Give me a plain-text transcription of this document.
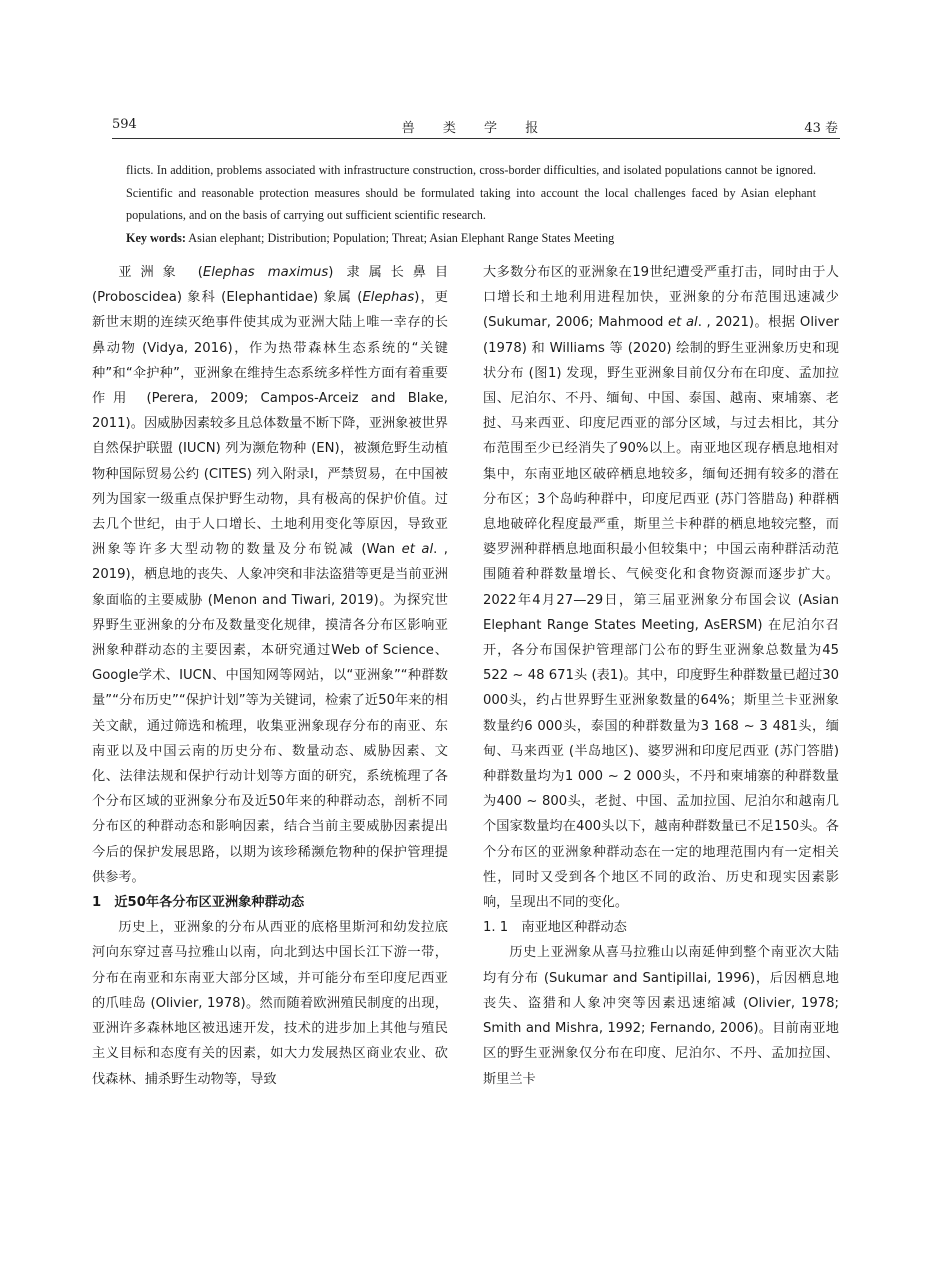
594	兽 类 学 报	43 卷

flicts. In addition, problems associated with infrastructure construction, cross-border difficulties, and isolated populations cannot be ignored. Scientific and reasonable protection measures should be formulated taking into account the local challenges faced by Asian elephant populations, and on the basis of carrying out sufficient scientific research.

Key words: Asian elephant; Distribution; Population; Threat; Asian Elephant Range States Meeting

亚洲象 (Elephas maximus) 隶属长鼻目 (Proboscidea) 象科 (Elephantidae) 象属 (Elephas)，更新世末期的连续灭绝事件使其成为亚洲大陆上唯一幸存的长鼻动物 (Vidya, 2016)，作为热带森林生态系统的“关键种”和“伞护种”，亚洲象在维持生态系统多样性方面有着重要作用 (Perera, 2009; Campos-Arceiz and Blake, 2011)。因威胁因素较多且总体数量不断下降，亚洲象被世界自然保护联盟 (IUCN) 列为濒危物种 (EN)，被濒危野生动植物种国际贸易公约 (CITES) 列入附录Ⅰ，严禁贸易，在中国被列为国家一级重点保护野生动物，具有极高的保护价值。过去几个世纪，由于人口增长、土地利用变化等原因，导致亚洲象等许多大型动物的数量及分布锐减 (Wan et al. , 2019)，栖息地的丧失、人象冲突和非法盗猎等更是当前亚洲象面临的主要威胁 (Menon and Tiwari, 2019)。为探究世界野生亚洲象的分布及数量变化规律，摸清各分布区影响亚洲象种群动态的主要因素，本研究通过Web of Science、Google学术、IUCN、中国知网等网站，以“亚洲象”“种群数量”“分布历史”“保护计划”等为关键词，检索了近50年来的相关文献，通过筛选和梳理，收集亚洲象现存分布的南亚、东南亚以及中国云南的历史分布、数量动态、威胁因素、文化、法律法规和保护行动计划等方面的研究，系统梳理了各个分布区域的亚洲象分布及近50年来的种群动态，剖析不同分布区的种群动态和影响因素，结合当前主要威胁因素提出今后的保护发展思路，以期为该珍稀濒危物种的保护管理提供参考。

1　近50年各分布区亚洲象种群动态

历史上，亚洲象的分布从西亚的底格里斯河和幼发拉底河向东穿过喜马拉雅山以南，向北到达中国长江下游一带，分布在南亚和东南亚大部分区域，并可能分布至印度尼西亚的爪哇岛 (Olivier, 1978)。然而随着欧洲殖民制度的出现，亚洲许多森林地区被迅速开发，技术的进步加上其他与殖民主义目标和态度有关的因素，如大力发展热区商业农业、砍伐森林、捕杀野生动物等，导致

大多数分布区的亚洲象在19世纪遭受严重打击，同时由于人口增长和土地利用进程加快，亚洲象的分布范围迅速减少 (Sukumar, 2006; Mahmood et al. , 2021)。根据 Oliver (1978) 和 Williams 等 (2020) 绘制的野生亚洲象历史和现状分布 (图1) 发现，野生亚洲象目前仅分布在印度、孟加拉国、尼泊尔、不丹、缅甸、中国、泰国、越南、柬埔寨、老挝、马来西亚、印度尼西亚的部分区域，与过去相比，其分布范围至少已经消失了90%以上。南亚地区现存栖息地相对集中，东南亚地区破碎栖息地较多，缅甸还拥有较多的潜在分布区；3个岛屿种群中，印度尼西亚 (苏门答腊岛) 种群栖息地破碎化程度最严重，斯里兰卡种群的栖息地较完整，而婆罗洲种群栖息地面积最小但较集中；中国云南种群活动范围随着种群数量增长、气候变化和食物资源而逐步扩大。2022年4月27—29日，第三届亚洲象分布国会议 (Asian Elephant Range States Meeting, AsERSM) 在尼泊尔召开，各分布国保护管理部门公布的野生亚洲象总数量为45 522 ~ 48 671头 (表1)。其中，印度野生种群数量已超过30 000头，约占世界野生亚洲象数量的64%；斯里兰卡亚洲象数量约6 000头，泰国的种群数量为3 168 ~ 3 481头，缅甸、马来西亚 (半岛地区)、婆罗洲和印度尼西亚 (苏门答腊) 种群数量均为1 000 ~ 2 000头，不丹和柬埔寨的种群数量为400 ~ 800头，老挝、中国、孟加拉国、尼泊尔和越南几个国家数量均在400头以下，越南种群数量已不足150头。各个分布区的亚洲象种群动态在一定的地理范围内有一定相关性，同时又受到各个地区不同的政治、历史和现实因素影响，呈现出不同的变化。

1. 1　南亚地区种群动态

历史上亚洲象从喜马拉雅山以南延伸到整个南亚次大陆均有分布 (Sukumar and Santipillai, 1996)，后因栖息地丧失、盗猎和人象冲突等因素迅速缩减 (Olivier, 1978; Smith and Mishra, 1992; Fernando, 2006)。目前南亚地区的野生亚洲象仅分布在印度、尼泊尔、不丹、孟加拉国、斯里兰卡
